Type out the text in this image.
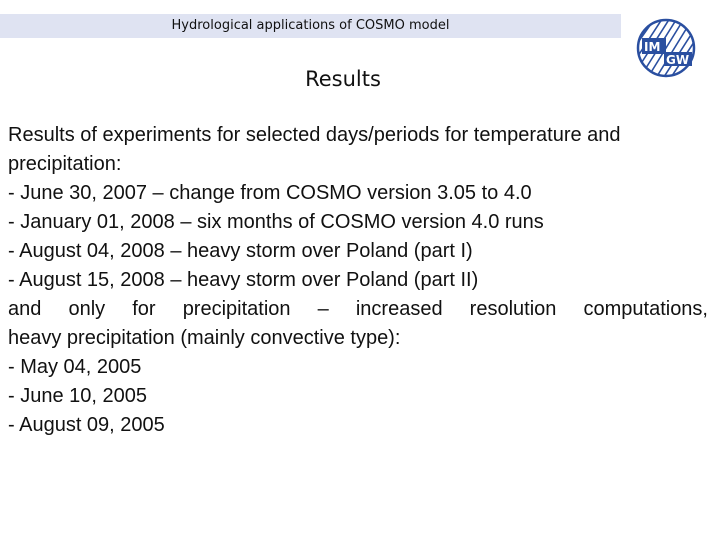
Hydrological applications of COSMO model
IM
GW
Results

Results of experiments for selected days/periods for temperature and precipitation:

- June 30, 2007 – change from COSMO version 3.05 to 4.0

- January 01, 2008 – six months of COSMO version 4.0 runs

- August 04, 2008 – heavy storm over Poland (part I)

- August 15, 2008 – heavy storm over Poland (part II)

and only for precipitation – increased resolution computations,

heavy precipitation (mainly convective type):

- May 04, 2005

- June 10, 2005

- August 09, 2005
